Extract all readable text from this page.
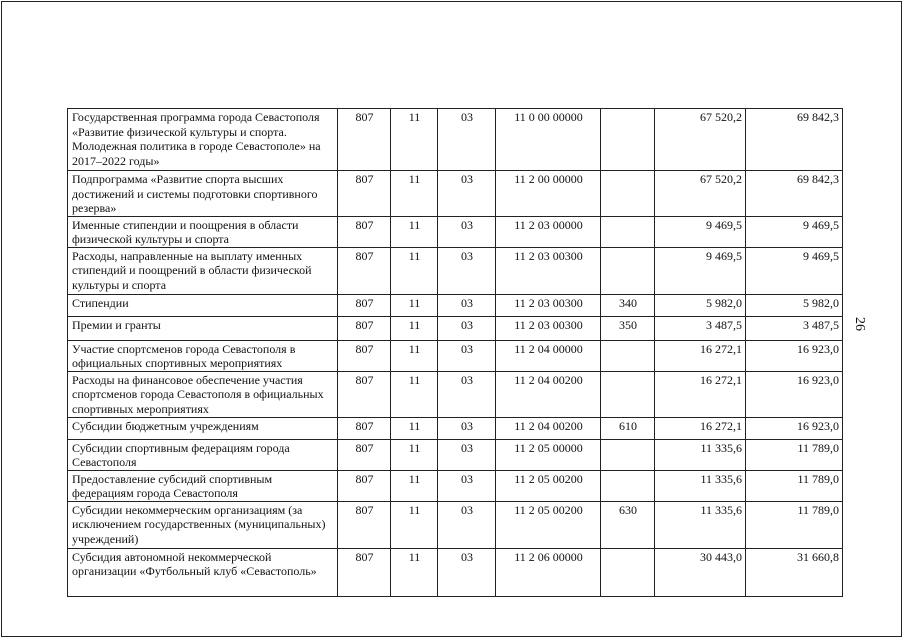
Государственная программа города Севастополя «Развитие физической культуры и спорта. Молодежная политика в городе Севастополе» на 2017–2022 годы»	807	11	03	11 0 00 00000		67 520,2	69 842,3
Подпрограмма «Развитие спорта высших достижений и системы подготовки спортивного резерва»	807	11	03	11 2 00 00000		67 520,2	69 842,3
Именные стипендии и поощрения в области физической культуры и спорта	807	11	03	11 2 03 00000		9 469,5	9 469,5
Расходы, направленные на выплату именных стипендий и поощрений в области физической культуры и спорта	807	11	03	11 2 03 00300		9 469,5	9 469,5
Стипендии	807	11	03	11 2 03 00300	340	5 982,0	5 982,0
Премии и гранты	807	11	03	11 2 03 00300	350	3 487,5	3 487,5
Участие спортсменов города Севастополя в официальных спортивных мероприятиях	807	11	03	11 2 04 00000		16 272,1	16 923,0
Расходы на финансовое обеспечение участия спортсменов города Севастополя в официальных спортивных мероприятиях	807	11	03	11 2 04 00200		16 272,1	16 923,0
Субсидии бюджетным учреждениям	807	11	03	11 2 04 00200	610	16 272,1	16 923,0
Субсидии спортивным федерациям города Севастополя	807	11	03	11 2 05 00000		11 335,6	11 789,0
Предоставление субсидий спортивным федерациям города Севастополя	807	11	03	11 2 05 00200		11 335,6	11 789,0
Субсидии некоммерческим организациям (за исключением государственных (муниципальных) учреждений)	807	11	03	11 2 05 00200	630	11 335,6	11 789,0
Субсидия автономной некоммерческой организации «Футбольный клуб «Севастополь»	807	11	03	11 2 06 00000		30 443,0	31 660,8
26
